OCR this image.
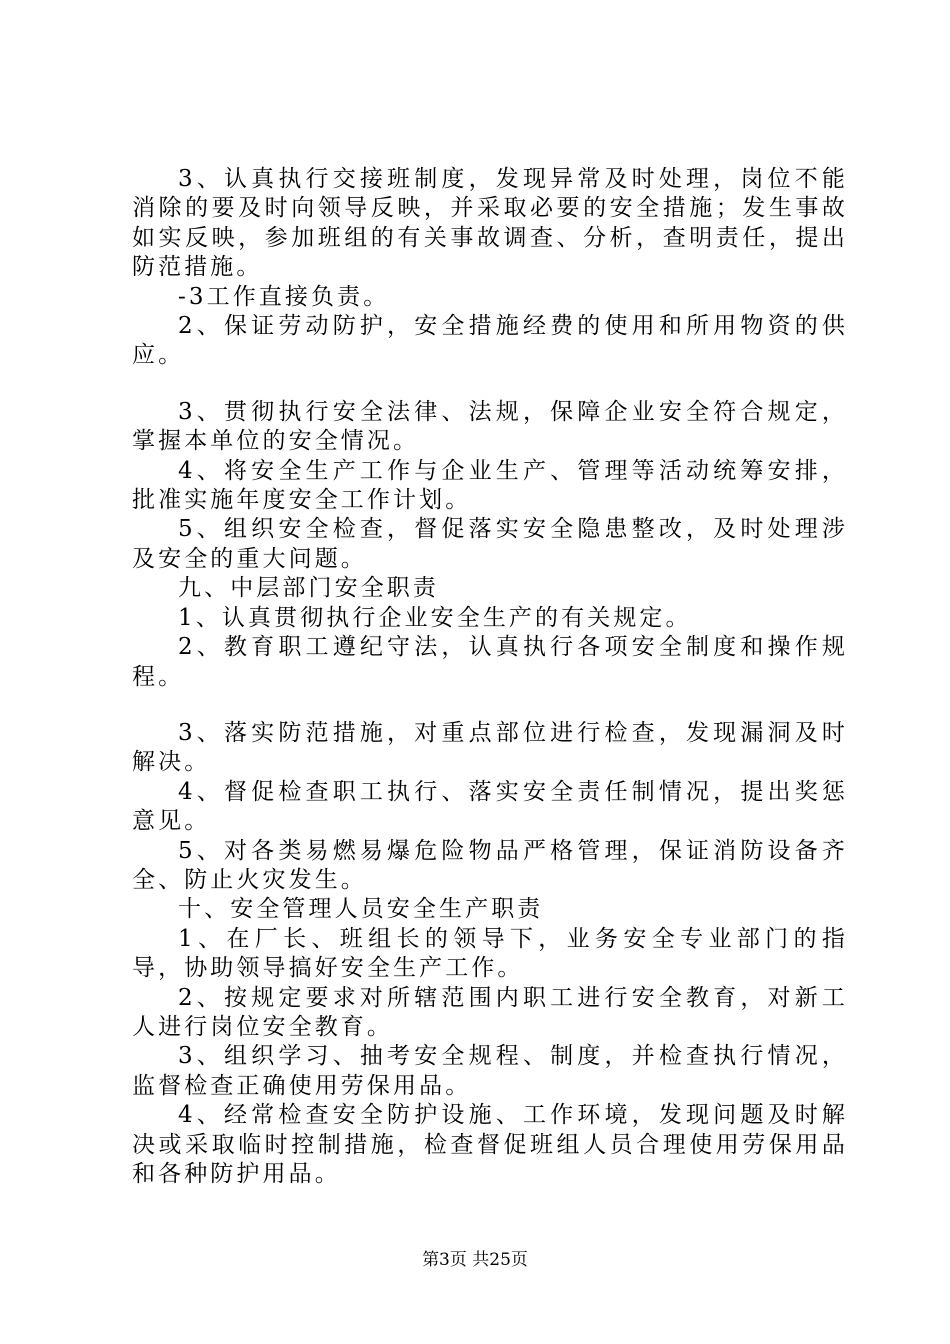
3、认真执行交接班制度，发现异常及时处理，岗位不能消除的要及时向领导反映，并采取必要的安全措施；发生事故如实反映，参加班组的有关事故调查、分析，查明责任，提出防范措施。

-3工作直接负责。

2、保证劳动防护，安全措施经费的使用和所用物资的供应。

3、贯彻执行安全法律、法规，保障企业安全符合规定，掌握本单位的安全情况。

4、将安全生产工作与企业生产、管理等活动统筹安排，批准实施年度安全工作计划。

5、组织安全检查，督促落实安全隐患整改，及时处理涉及安全的重大问题。

九、中层部门安全职责

1、认真贯彻执行企业安全生产的有关规定。

2、教育职工遵纪守法，认真执行各项安全制度和操作规程。

3、落实防范措施，对重点部位进行检查，发现漏洞及时解决。

4、督促检查职工执行、落实安全责任制情况，提出奖惩意见。

5、对各类易燃易爆危险物品严格管理，保证消防设备齐全、防止火灾发生。

十、安全管理人员安全生产职责

1、在厂长、班组长的领导下，业务安全专业部门的指导，协助领导搞好安全生产工作。

2、按规定要求对所辖范围内职工进行安全教育，对新工人进行岗位安全教育。

3、组织学习、抽考安全规程、制度，并检查执行情况，监督检查正确使用劳保用品。

4、经常检查安全防护设施、工作环境，发现问题及时解决或采取临时控制措施，检查督促班组人员合理使用劳保用品和各种防护用品。

第3页 共25页
